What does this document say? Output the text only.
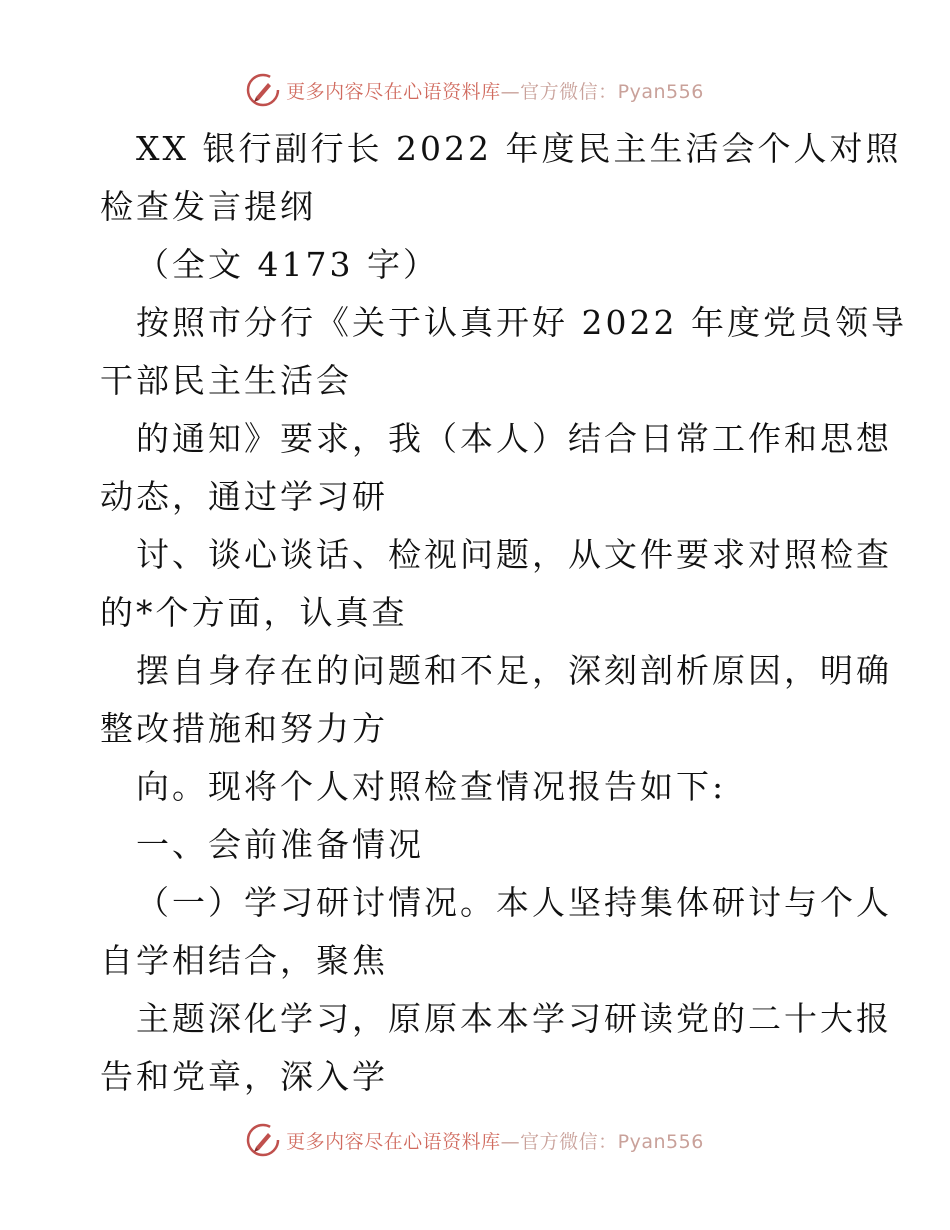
更多内容尽在心语资料库—官方微信：Pyan556
XX 银行副行长 2022 年度民主生活会个人对照
检查发言提纲
（全文 4173 字）
按照市分行《关于认真开好 2022 年度党员领导
干部民主生活会
的通知》要求，我（本人）结合日常工作和思想
动态，通过学习研
讨、谈心谈话、检视问题，从文件要求对照检查
的*个方面，认真查
摆自身存在的问题和不足，深刻剖析原因，明确
整改措施和努力方
向。现将个人对照检查情况报告如下:
一、会前准备情况
（一）学习研讨情况。本人坚持集体研讨与个人
自学相结合，聚焦
主题深化学习，原原本本学习研读党的二十大报
告和党章，深入学
更多内容尽在心语资料库—官方微信：Pyan556
